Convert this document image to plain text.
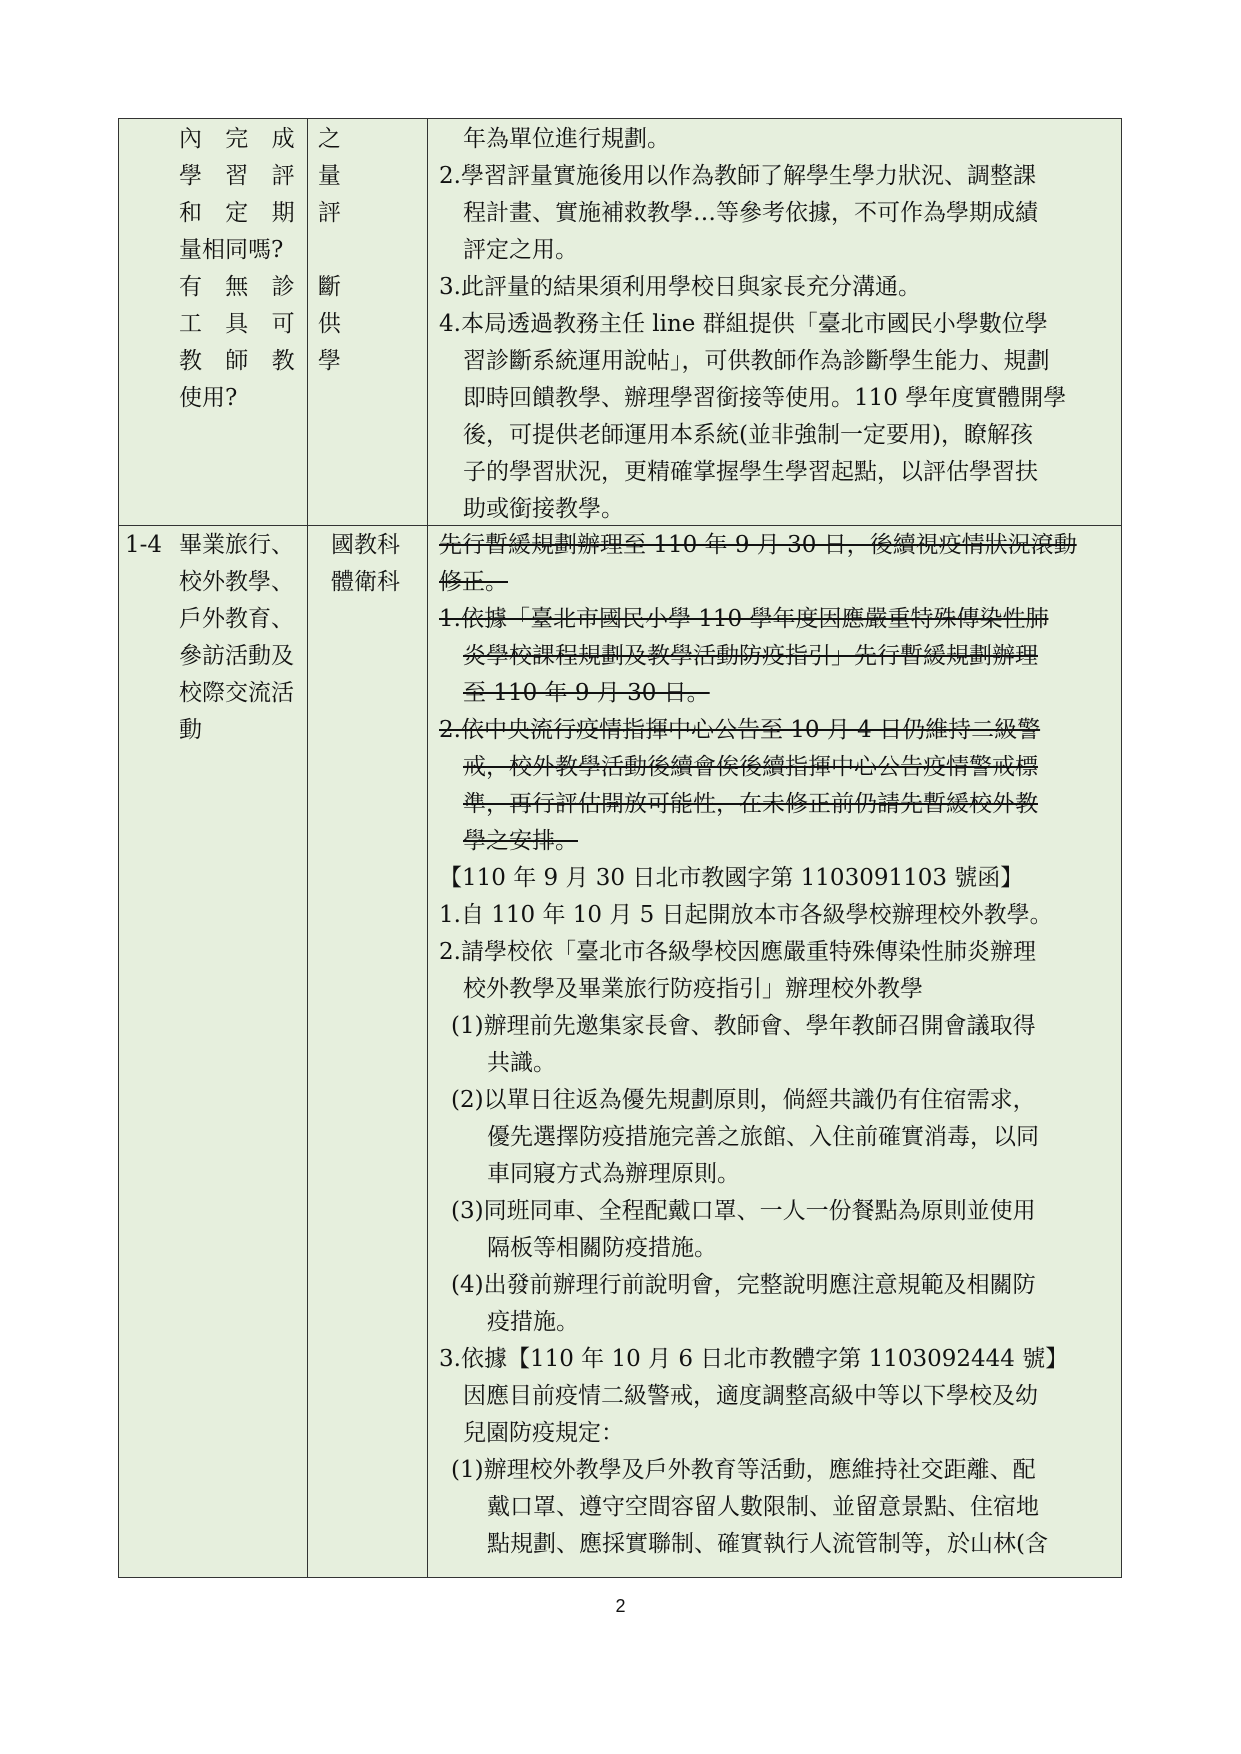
內 完 成 之
學 習 評 量
和 定 期 評
量相同嗎?
有 無 診 斷
工 具 可 供
教 師 教 學
使用?
年為單位進行規劃。
2.學習評量實施後用以作為教師了解學生學力狀況、調整課
程計畫、實施補救教學…等參考依據，不可作為學期成績
評定之用。
3.此評量的結果須利用學校日與家長充分溝通。
4.本局透過教務主任 line 群組提供「臺北市國民小學數位學
習診斷系統運用說帖」，可供教師作為診斷學生能力、規劃
即時回饋教學、辦理學習銜接等使用。110 學年度實體開學
後，可提供老師運用本系統(並非強制一定要用)，瞭解孩
子的學習狀況，更精確掌握學生學習起點，以評估學習扶
助或銜接教學。
1-4 畢業旅行、
校外教學、
戶外教育、
參訪活動及
校際交流活
動
國教科
體衛科
先行暫緩規劃辦理至 110 年 9 月 30 日，後續視疫情狀況滾動
修正。
1.依據「臺北市國民小學 110 學年度因應嚴重特殊傳染性肺
炎學校課程規劃及教學活動防疫指引」先行暫緩規劃辦理
至 110 年 9 月 30 日。
2.依中央流行疫情指揮中心公告至 10 月 4 日仍維持二級警
戒，校外教學活動後續會俟後續指揮中心公告疫情警戒標
準，再行評估開放可能性，在未修正前仍請先暫緩校外教
學之安排。
【110 年 9 月 30 日北市教國字第 1103091103 號函】
1.自 110 年 10 月 5 日起開放本市各級學校辦理校外教學。
2.請學校依「臺北市各級學校因應嚴重特殊傳染性肺炎辦理
校外教學及畢業旅行防疫指引」辦理校外教學
(1)辦理前先邀集家長會、教師會、學年教師召開會議取得
共識。
(2)以單日往返為優先規劃原則，倘經共識仍有住宿需求，
優先選擇防疫措施完善之旅館、入住前確實消毒，以同
車同寢方式為辦理原則。
(3)同班同車、全程配戴口罩、一人一份餐點為原則並使用
隔板等相關防疫措施。
(4)出發前辦理行前說明會，完整說明應注意規範及相關防
疫措施。
3.依據【110 年 10 月 6 日北市教體字第 1103092444 號】
因應目前疫情二級警戒，適度調整高級中等以下學校及幼
兒園防疫規定：
(1)辦理校外教學及戶外教育等活動，應維持社交距離、配
戴口罩、遵守空間容留人數限制、並留意景點、住宿地
點規劃、應採實聯制、確實執行人流管制等，於山林(含
2
